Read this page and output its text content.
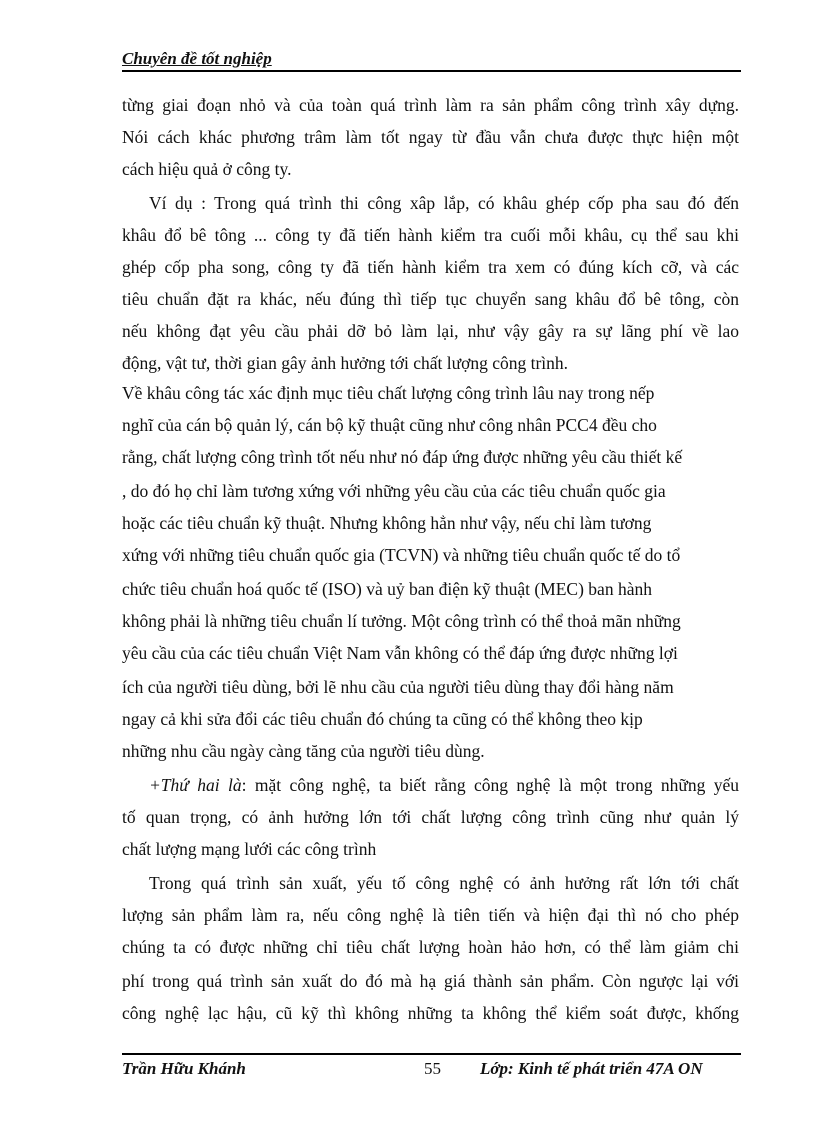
Chuyên đề tốt nghiệp
từng giai đoạn nhỏ và của toàn quá trình làm ra sản phẩm công trình xây dựng.
Nói cách khác phương trâm làm tốt ngay từ đầu vẫn chưa được thực hiện một
cách hiệu quả ở công ty.
Ví dụ : Trong quá trình thi công xâp lắp, có khâu ghép cốp pha sau đó đến
khâu đổ bê tông ... công ty đã tiến hành kiểm tra cuối mỗi khâu, cụ thể sau khi
ghép cốp pha song, công ty đã tiến hành kiểm tra xem có đúng kích cỡ, và các
tiêu chuẩn đặt ra khác, nếu đúng thì tiếp tục chuyển sang khâu đổ bê tông, còn
nếu không đạt yêu cầu phải dỡ bỏ làm lại, như vậy gây ra sự lãng phí về lao
động, vật tư, thời gian gây ảnh hưởng tới chất lượng công trình.
Về khâu công tác xác định mục tiêu chất lượng công trình lâu nay trong nếp
nghĩ của cán bộ quản lý, cán bộ kỹ thuật cũng như công nhân PCC4 đều cho
rằng, chất lượng công trình tốt nếu như nó đáp ứng được những yêu cầu thiết kế
, do đó họ chỉ làm tương xứng với những yêu cầu của các tiêu chuẩn quốc gia
hoặc các tiêu chuẩn kỹ thuật. Nhưng không hẳn như vậy, nếu chỉ làm tương
xứng với những tiêu chuẩn quốc gia (TCVN) và những tiêu chuẩn quốc tế do tổ
chức tiêu chuẩn hoá quốc tế (ISO) và uỷ ban điện kỹ thuật (MEC) ban hành
không phải là những tiêu chuẩn lí tưởng. Một công trình có thể thoả mãn những
yêu cầu của các tiêu chuẩn Việt Nam vẫn không có thể đáp ứng được những lợi
ích của người tiêu dùng, bởi lẽ nhu cầu của người tiêu dùng thay đổi hàng năm
ngay cả khi sửa đổi các tiêu chuẩn đó chúng ta cũng có thể không theo kịp
những nhu cầu ngày càng tăng của người tiêu dùng.
+Thứ hai là: mặt công nghệ, ta biết rằng công nghệ là một trong những yếu
tố quan trọng, có ảnh hưởng lớn tới chất lượng công trình cũng như quản lý
chất lượng mạng lưới các công trình
Trong quá trình sản xuất, yếu tố công nghệ có ảnh hưởng rất lớn tới chất
lượng sản phẩm làm ra, nếu công nghệ là tiên tiến và hiện đại thì nó cho phép
chúng ta có được những chỉ tiêu chất lượng hoàn hảo hơn, có thể làm giảm chi
phí trong quá trình sản xuất do đó mà hạ giá thành sản phẩm. Còn ngược lại với
công nghệ lạc hậu, cũ kỹ thì không những ta không thể kiểm soát được, khống
Trần Hữu Khánh	55 Lớp: Kinh tế phát triển 47A ON
